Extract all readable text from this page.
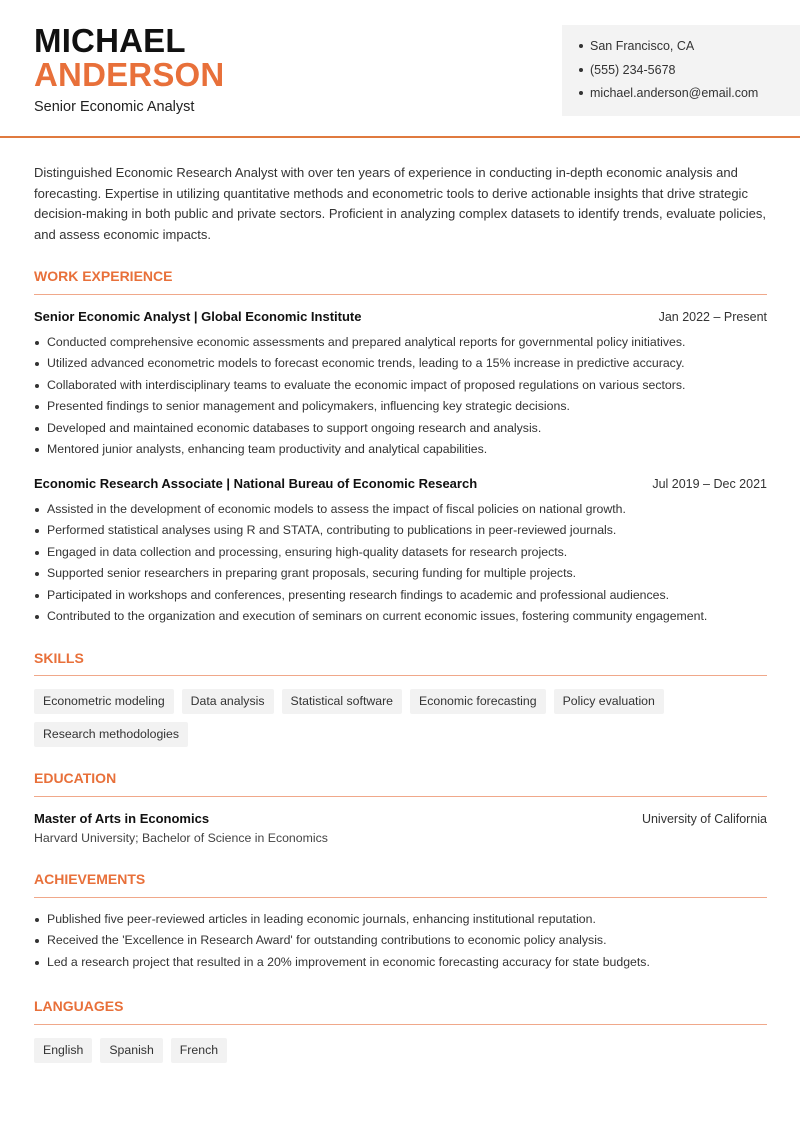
MICHAEL
ANDERSON
Senior Economic Analyst
San Francisco, CA
(555) 234-5678
michael.anderson@email.com
Distinguished Economic Research Analyst with over ten years of experience in conducting in-depth economic analysis and forecasting. Expertise in utilizing quantitative methods and econometric tools to derive actionable insights that drive strategic decision-making in both public and private sectors. Proficient in analyzing complex datasets to identify trends, evaluate policies, and assess economic impacts.
WORK EXPERIENCE
Senior Economic Analyst | Global Economic Institute	Jan 2022 – Present
Conducted comprehensive economic assessments and prepared analytical reports for governmental policy initiatives.
Utilized advanced econometric models to forecast economic trends, leading to a 15% increase in predictive accuracy.
Collaborated with interdisciplinary teams to evaluate the economic impact of proposed regulations on various sectors.
Presented findings to senior management and policymakers, influencing key strategic decisions.
Developed and maintained economic databases to support ongoing research and analysis.
Mentored junior analysts, enhancing team productivity and analytical capabilities.
Economic Research Associate | National Bureau of Economic Research	Jul 2019 – Dec 2021
Assisted in the development of economic models to assess the impact of fiscal policies on national growth.
Performed statistical analyses using R and STATA, contributing to publications in peer-reviewed journals.
Engaged in data collection and processing, ensuring high-quality datasets for research projects.
Supported senior researchers in preparing grant proposals, securing funding for multiple projects.
Participated in workshops and conferences, presenting research findings to academic and professional audiences.
Contributed to the organization and execution of seminars on current economic issues, fostering community engagement.
SKILLS
Econometric modeling	Data analysis	Statistical software	Economic forecasting	Policy evaluation
Research methodologies
EDUCATION
Master of Arts in Economics	University of California
Harvard University; Bachelor of Science in Economics
ACHIEVEMENTS
Published five peer-reviewed articles in leading economic journals, enhancing institutional reputation.
Received the 'Excellence in Research Award' for outstanding contributions to economic policy analysis.
Led a research project that resulted in a 20% improvement in economic forecasting accuracy for state budgets.
LANGUAGES
English	Spanish	French
